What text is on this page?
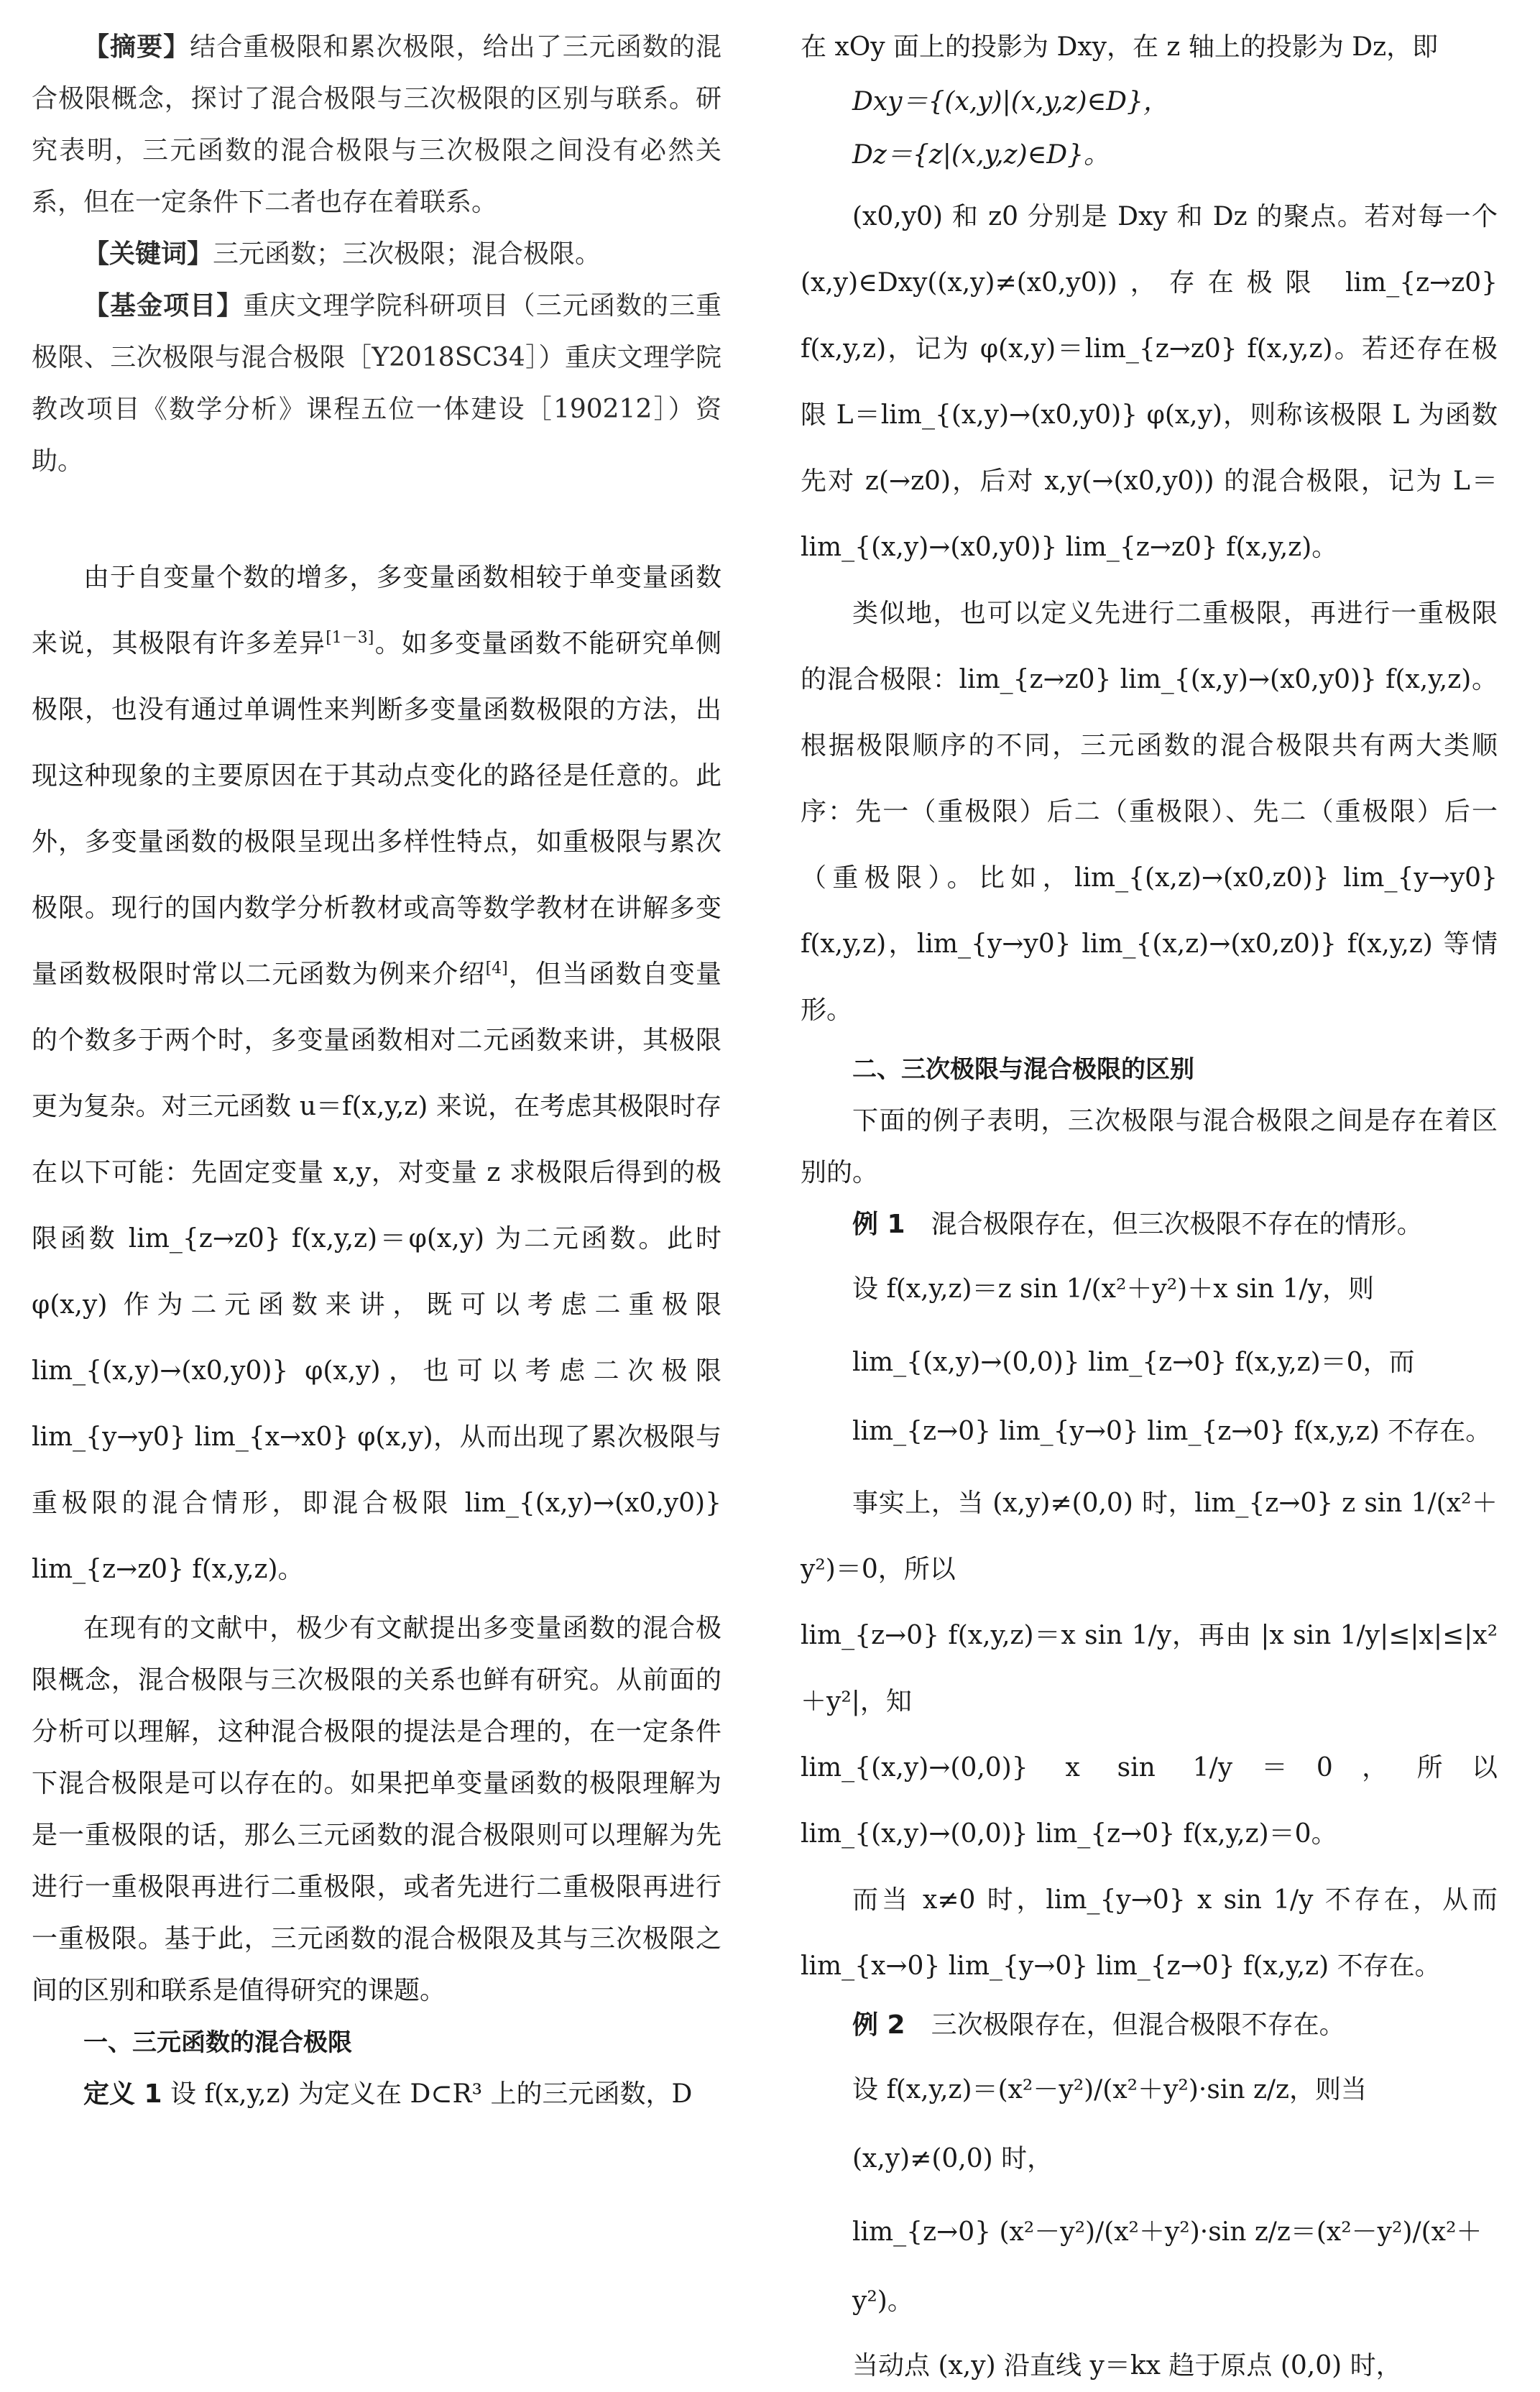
【摘要】结合重极限和累次极限，给出了三元函数的混合极限概念，探讨了混合极限与三次极限的区别与联系。研究表明，三元函数的混合极限与三次极限之间没有必然关系，但在一定条件下二者也存在着联系。

【关键词】三元函数；三次极限；混合极限。

【基金项目】重庆文理学院科研项目（三元函数的三重极限、三次极限与混合极限［Y2018SC34］）重庆文理学院教改项目《数学分析》课程五位一体建设［190212］）资助。

由于自变量个数的增多，多变量函数相较于单变量函数来说，其极限有许多差异[1－3]。如多变量函数不能研究单侧极限，也没有通过单调性来判断多变量函数极限的方法，出现这种现象的主要原因在于其动点变化的路径是任意的。此外，多变量函数的极限呈现出多样性特点，如重极限与累次极限。现行的国内数学分析教材或高等数学教材在讲解多变量函数极限时常以二元函数为例来介绍[4]，但当函数自变量的个数多于两个时，多变量函数相对二元函数来讲，其极限更为复杂。对三元函数 u＝f(x,y,z) 来说，在考虑其极限时存在以下可能：先固定变量 x,y，对变量 z 求极限后得到的极限函数 lim_{z→z0} f(x,y,z)＝φ(x,y) 为二元函数。此时 φ(x,y) 作为二元函数来讲，既可以考虑二重极限 lim_{(x,y)→(x0,y0)} φ(x,y)，也可以考虑二次极限 lim_{y→y0} lim_{x→x0} φ(x,y)，从而出现了累次极限与重极限的混合情形，即混合极限 lim_{(x,y)→(x0,y0)} lim_{z→z0} f(x,y,z)。

在现有的文献中，极少有文献提出多变量函数的混合极限概念，混合极限与三次极限的关系也鲜有研究。从前面的分析可以理解，这种混合极限的提法是合理的，在一定条件下混合极限是可以存在的。如果把单变量函数的极限理解为是一重极限的话，那么三元函数的混合极限则可以理解为先进行一重极限再进行二重极限，或者先进行二重极限再进行一重极限。基于此，三元函数的混合极限及其与三次极限之间的区别和联系是值得研究的课题。

一、三元函数的混合极限

定义 1 设 f(x,y,z) 为定义在 D⊂R³ 上的三元函数，D

在 xOy 面上的投影为 Dxy，在 z 轴上的投影为 Dz，即

Dxy＝{(x,y)|(x,y,z)∈D}，
Dz＝{z|(x,y,z)∈D}。

(x0,y0) 和 z0 分别是 Dxy 和 Dz 的聚点。若对每一个 (x,y)∈Dxy((x,y)≠(x0,y0))，存在极限 lim_{z→z0} f(x,y,z)，记为 φ(x,y)＝lim_{z→z0} f(x,y,z)。若还存在极限 L＝lim_{(x,y)→(x0,y0)} φ(x,y)，则称该极限 L 为函数先对 z(→z0)，后对 x,y(→(x0,y0)) 的混合极限，记为 L＝lim_{(x,y)→(x0,y0)} lim_{z→z0} f(x,y,z)。

类似地，也可以定义先进行二重极限，再进行一重极限的混合极限：lim_{z→z0} lim_{(x,y)→(x0,y0)} f(x,y,z)。根据极限顺序的不同，三元函数的混合极限共有两大类顺序：先一（重极限）后二（重极限）、先二（重极限）后一（重极限）。比如，lim_{(x,z)→(x0,z0)} lim_{y→y0} f(x,y,z)，lim_{y→y0} lim_{(x,z)→(x0,z0)} f(x,y,z) 等情形。

二、三次极限与混合极限的区别

下面的例子表明，三次极限与混合极限之间是存在着区别的。

例 1　 混合极限存在，但三次极限不存在的情形。

设 f(x,y,z)＝z sin 1/(x²＋y²)＋x sin 1/y，则
lim_{(x,y)→(0,0)} lim_{z→0} f(x,y,z)＝0，而 lim_{z→0} lim_{y→0} lim_{z→0} f(x,y,z) 不存在。

事实上，当 (x,y)≠(0,0) 时，lim_{z→0} z sin 1/(x²＋y²)＝0，所以

lim_{z→0} f(x,y,z)＝x sin 1/y，再由 |x sin 1/y|≤|x|≤|x²＋y²|，知

lim_{(x,y)→(0,0)} x sin 1/y＝0，所以 lim_{(x,y)→(0,0)} lim_{z→0} f(x,y,z)＝0。

而当 x≠0 时，lim_{y→0} x sin 1/y 不存在，从而 lim_{x→0} lim_{y→0} lim_{z→0} f(x,y,z) 不存在。

例 2　 三次极限存在，但混合极限不存在。

设 f(x,y,z)＝(x²－y²)/(x²＋y²)·sin z/z，则当 (x,y)≠(0,0) 时，
lim_{z→0} (x²－y²)/(x²＋y²)·sin z/z＝(x²－y²)/(x²＋y²)。

当动点 (x,y) 沿直线 y＝kx 趋于原点 (0,0) 时，
